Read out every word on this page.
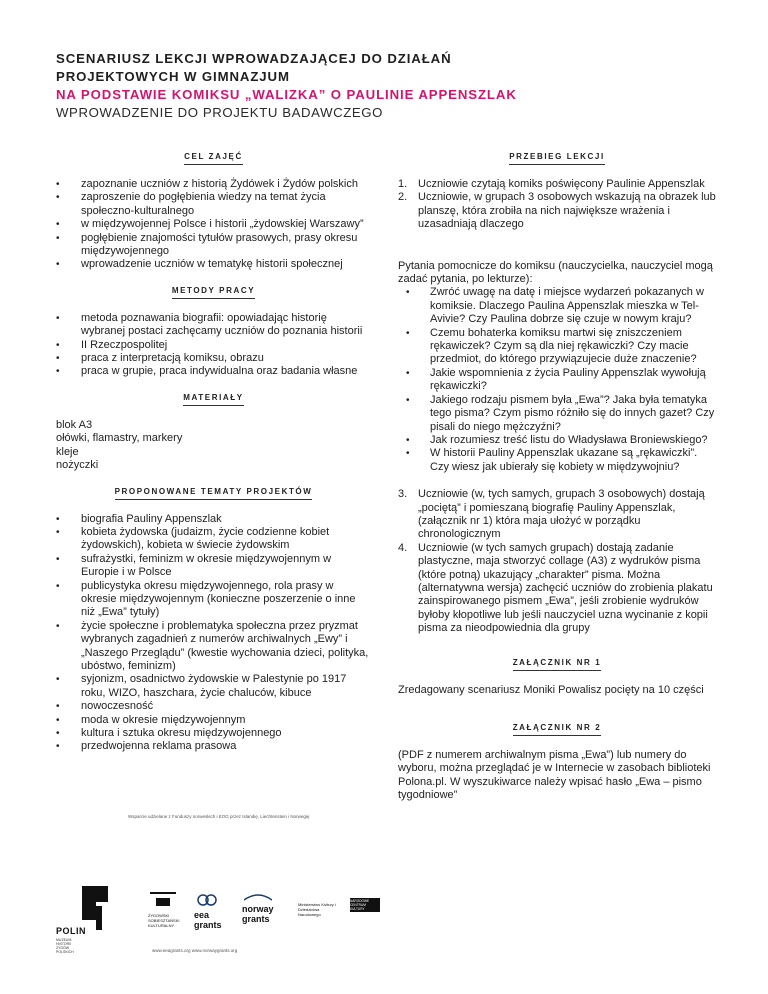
SCENARIUSZ LEKCJI WPROWADZAJĄCEJ DO DZIAŁAŃ
PROJEKTOWYCH W GIMNAZJUM
NA PODSTAWIE KOMIKSU „WALIZKA” O PAULINIE APPENSZLAK
WPROWADZENIE DO PROJEKTU BADAWCZEGO
CEL ZAJĘĆ
• zapoznanie uczniów z historią Żydówek i Żydów polskich
• zaproszenie do pogłębienia wiedzy na temat życia społeczno-kulturalnego
• w międzywojennej Polsce i historii „żydowskiej Warszawy”
• pogłębienie znajomości tytułów prasowych, prasy okresu międzywojennego
• wprowadzenie uczniów w tematykę historii społecznej
METODY PRACY
• metoda poznawania biografii: opowiadając historię wybranej postaci zachęcamy uczniów do poznania historii
• II Rzeczpospolitej
• praca z interpretacją komiksu, obrazu
• praca w grupie, praca indywidualna oraz badania własne
MATERIAŁY
blok A3
ołówki, flamastry, markery
kleje
nożyczki
PROPONOWANE TEMATY PROJEKTÓW
• biografia Pauliny Appenszlak
• kobieta żydowska (judaizm, życie codzienne kobiet żydowskich), kobieta w świecie żydowskim
• sufrażystki, feminizm w okresie międzywojennym w Europie i w Polsce
• publicystyka okresu międzywojennego, rola prasy w okresie międzywojennym (konieczne poszerzenie o inne niż „Ewa” tytuły)
• życie społeczne i problematyka społeczna przez pryzmat wybranych zagadnień z numerów archiwalnych „Ewy” i „Naszego Przeglądu” (kwestie wychowania dzieci, polityka, ubóstwo, feminizm)
• syjonizm, osadnictwo żydowskie w Palestynie po 1917 roku, WIZO, haszchara, życie chaluców, kibuce
• nowoczesność
• moda w okresie międzywojennym
• kultura i sztuka okresu międzywojennego
• przedwojenna reklama prasowa
PRZEBIEG LEKCJI
1. Uczniowie czytają komiks poświęcony Paulinie Appenszlak
2. Uczniowie, w grupach 3 osobowych wskazują na obrazek lub planszę, która zrobiła na nich największe wrażenia i uzasadniają dlaczego

Pytania pomocnicze do komiksu (nauczycielka, nauczyciel mogą zadać pytania, po lekturze):

• Zwróć uwagę na datę i miejsce wydarzeń pokazanych w komiksie. Dlaczego Paulina Appenszlak mieszka w Tel-Avivie? Czy Paulina dobrze się czuje w nowym kraju?
• Czemu bohaterka komiksu martwi się zniszczeniem rękawiczek? Czym są dla niej rękawiczki? Czy macie przedmiot, do którego przywiązujecie duże znaczenie?
• Jakie wspomnienia z życia Pauliny Appenszlak wywołują rękawiczki?
• Jakiego rodzaju pismem była „Ewa”? Jaka była tematyka tego pisma? Czym pismo różniło się do innych gazet? Czy pisali do niego mężczyźni?
• Jak rozumiesz treść listu do Władysława Broniewskiego?
• W historii Pauliny Appenszlak ukazane są „rękawiczki”. Czy wiesz jak ubierały się kobiety w międzywojniu?
3. Uczniowie (w, tych samych, grupach 3 osobowych) dostają „pociętą” i pomieszaną biografię Pauliny Appenszlak, (załącznik nr 1) która maja ułożyć w porządku chronologicznym
4. Uczniowie (w tych samych grupach) dostają zadanie plastyczne, maja stworzyć collage (A3) z wydruków pisma (które potną) ukazujący „charakter” pisma. Można (alternatywna wersja) zachęcić uczniów do zrobienia plakatu zainspirowanego pismem „Ewa”, jeśli zrobienie wydruków byłoby kłopotliwe lub jeśli nauczyciel uzna wycinanie z kopii pisma za nieodpowiednia dla grupy
ZAŁĄCZNIK NR 1

Zredagowany scenariusz Moniki Powalisz pocięty na 10 części

ZAŁĄCZNIK NR 2

(PDF z numerem archiwalnym pisma „Ewa”) lub numery do wyboru, można przeglądać je w Internecie w zasobach biblioteki Polona.pl. W wyszukiwarce należy wpisać hasło „Ewa – pismo tygodniowe”

Wsparcie udzielane z Funduszy norweskich i EOG przez Islandię, Liechtenstein i Norwegię
POLIN
MUZEUM HISTORII ŻYDÓW POLSKICH
ŻYDOWSKI SOBIESZTAŃSKI KULTURALNY
eea grants
norway grants
Ministerstwo Kultury i Dziedzictwa Narodowego
NARODOWE CENTRUM KULTURY
www.eeagrants.org www.norwaygrants.org
